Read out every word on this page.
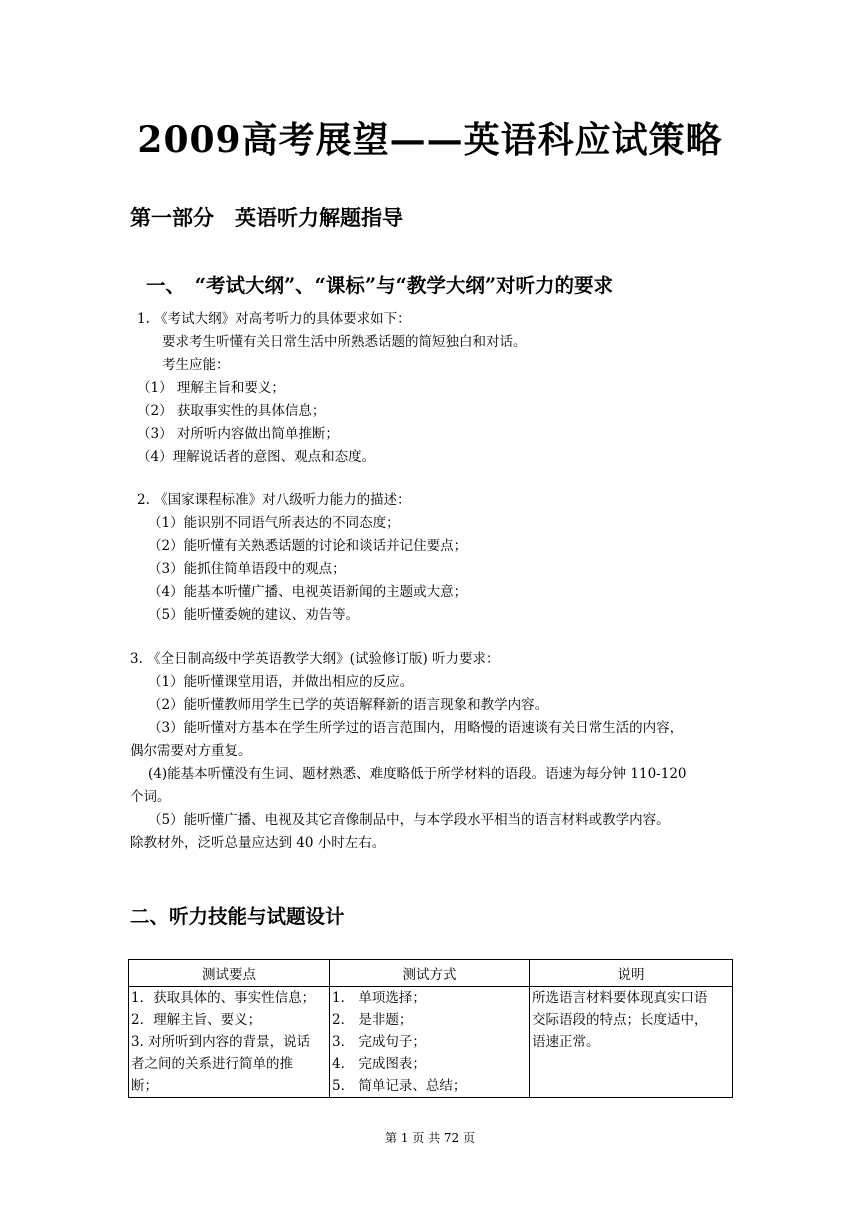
2009高考展望——英语科应试策略
第一部分　英语听力解题指导
一、　“考试大纲”、“课标”与“教学大纲”对听力的要求
1. 《考试大纲》对高考听力的具体要求如下：
要求考生听懂有关日常生活中所熟悉话题的简短独白和对话。
考生应能：
（1） 理解主旨和要义；
（2） 获取事实性的具体信息；
（3） 对所听内容做出简单推断；
（4）理解说话者的意图、观点和态度。
2. 《国家课程标准》对八级听力能力的描述：
（1）能识别不同语气所表达的不同态度；
（2）能听懂有关熟悉话题的讨论和谈话并记住要点；
（3）能抓住简单语段中的观点；
（4）能基本听懂广播、电视英语新闻的主题或大意；
（5）能听懂委婉的建议、劝告等。
3. 《全日制高级中学英语教学大纲》(试验修订版) 听力要求：
（1）能听懂课堂用语，并做出相应的反应。
（2）能听懂教师用学生已学的英语解释新的语言现象和教学内容。
（3）能听懂对方基本在学生所学过的语言范围内，用略慢的语速谈有关日常生活的内容，
偶尔需要对方重复。
(4)能基本听懂没有生词、题材熟悉、难度略低于所学材料的语段。语速为每分钟 110-120
个词。
（5）能听懂广播、电视及其它音像制品中，与本学段水平相当的语言材料或教学内容。
除教材外，泛听总量应达到 40 小时左右。
二、听力技能与试题设计
测试要点	测试方式	说明

1．获取具体的、事实性信息；
2．理解主旨、要义；
3. 对所听到内容的背景，说话
者之间的关系进行简单的推
断；	1． 单项选择；
2． 是非题；
3． 完成句子；
4． 完成图表；
5． 简单记录、总结；	所选语言材料要体现真实口语
交际语段的特点；长度适中，
语速正常。
第 1 页 共 72 页
